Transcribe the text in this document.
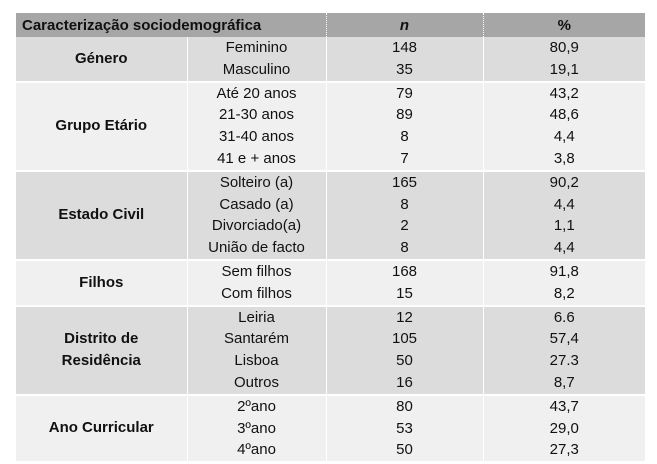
Caracterização sociodemográfica		n	%
Género	Feminino	148	80,9
	Masculino	35	19,1
Grupo Etário	Até 20 anos	79	43,2
	21-30 anos	89	48,6
	31-40 anos	8	4,4
	41 e + anos	7	3,8
Estado Civil	Solteiro (a)	165	90,2
	Casado (a)	8	4,4
	Divorciado(a)	2	1,1
	União de facto	8	4,4
Filhos	Sem filhos	168	91,8
	Com filhos	15	8,2
Distrito de
Residência	Leiria	12	6.6
	Santarém	105	57,4
	Lisboa	50	27.3
	Outros	16	8,7
Ano Curricular	2ºano	80	43,7
	3ºano	53	29,0
	4ºano	50	27,3
